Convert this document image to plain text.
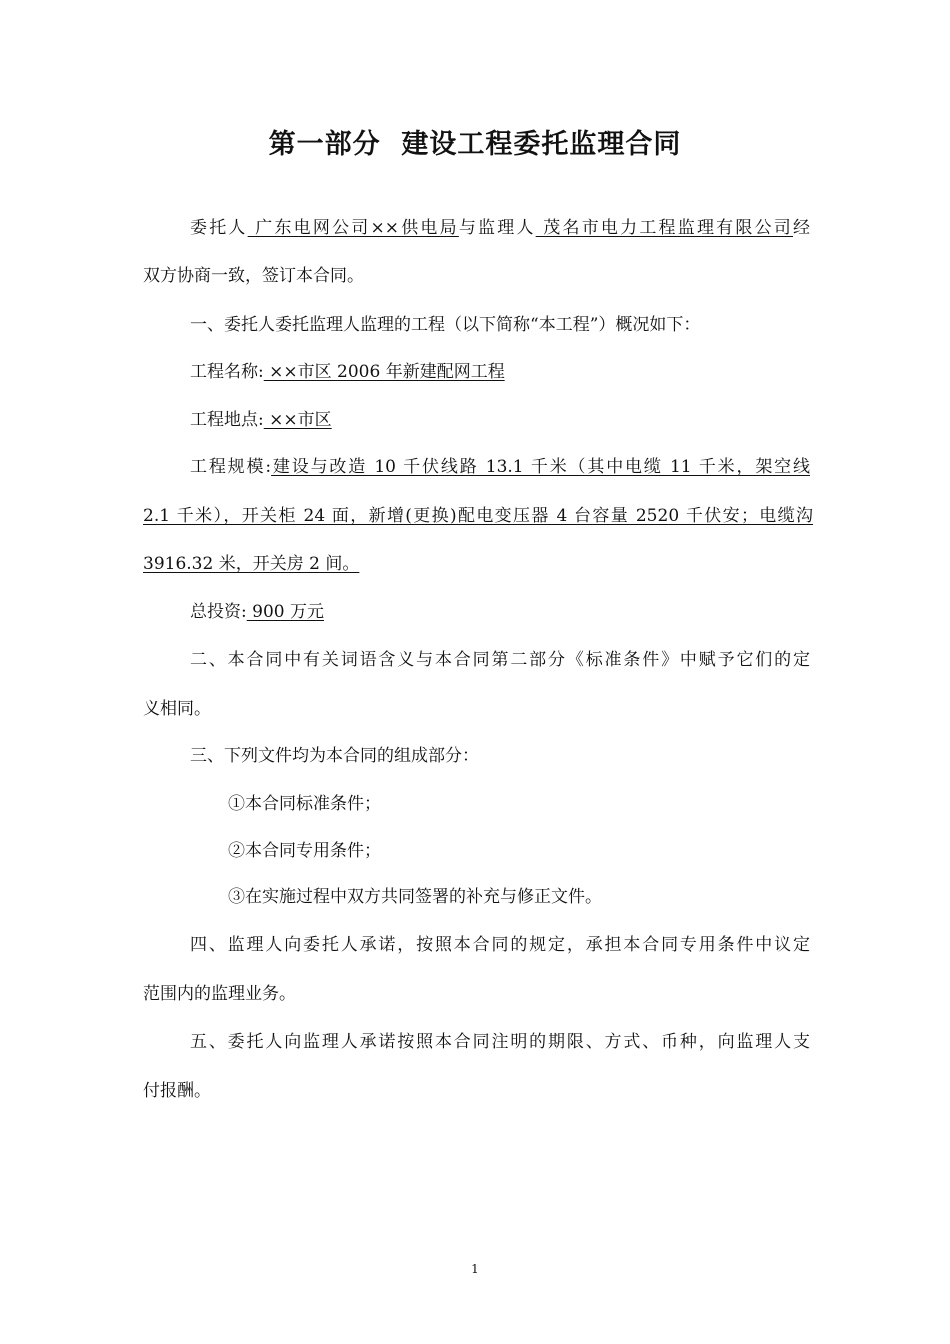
第一部分  建设工程委托监理合同
委托人 广东电网公司××供电局与监理人 茂名市电力工程监理有限公司经
双方协商一致，签订本合同。
一、委托人委托监理人监理的工程（以下简称“本工程”）概况如下：
工程名称: ××市区 2006 年新建配网工程
工程地点: ××市区
工程规模:建设与改造 10 千伏线路 13.1 千米（其中电缆 11 千米，架空线
2.1 千米），开关柜 24 面，新增(更换)配电变压器 4 台容量 2520 千伏安；电缆沟
3916.32 米，开关房 2 间。
总投资: 900 万元
二、本合同中有关词语含义与本合同第二部分《标准条件》中赋予它们的定
义相同。
三、下列文件均为本合同的组成部分：
①本合同标准条件；
②本合同专用条件；
③在实施过程中双方共同签署的补充与修正文件。
四、监理人向委托人承诺，按照本合同的规定，承担本合同专用条件中议定
范围内的监理业务。
五、委托人向监理人承诺按照本合同注明的期限、方式、币种，向监理人支
付报酬。
1
